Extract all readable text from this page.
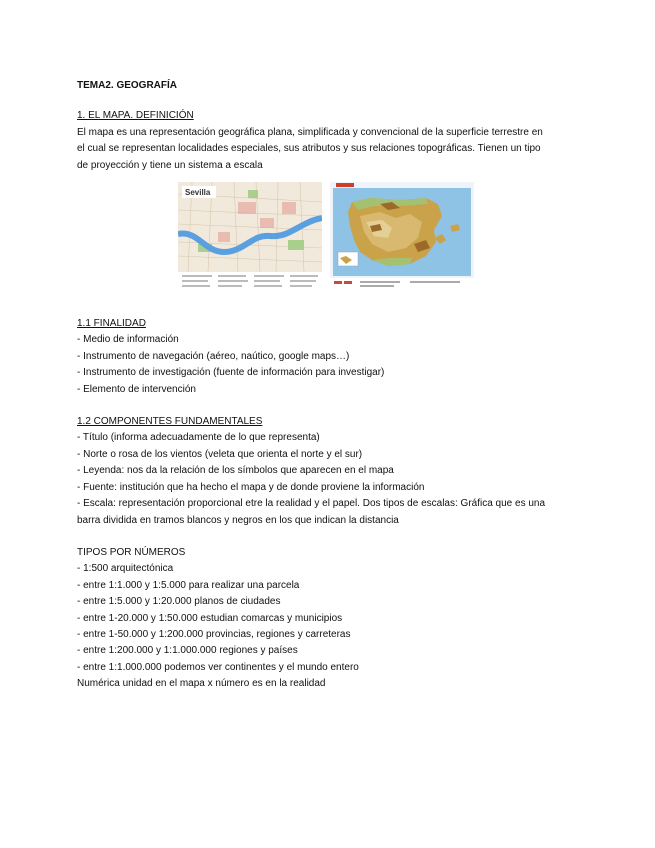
TEMA2. GEOGRAFÍA

1. EL MAPA. DEFINICIÓN

El mapa es una representación geográfica plana, simplificada y convencional de la superficie terrestre en

el cual se representan localidades especiales, sus atributos y sus relaciones topográficas. Tienen un tipo

de proyección y tiene un sistema a escala

Sevilla

1.1 FINALIDAD

- Medio de información
- Instrumento de navegación (aéreo, naútico, google maps…)
- Instrumento de investigación (fuente de información para investigar)
- Elemento de intervención

1.2 COMPONENTES FUNDAMENTALES

- Título (informa adecuadamente de lo que representa)
- Norte o rosa de los vientos (veleta que orienta el norte y el sur)
- Leyenda: nos da la relación de los símbolos que aparecen en el mapa
- Fuente: institución que ha hecho el mapa y de donde proviene la información
- Escala: representación proporcional etre la realidad y el papel. Dos tipos de escalas: Gráfica que es una
barra dividida en tramos blancos y negros en los que indican la distancia

TIPOS POR NÚMEROS

- 1:500 arquitectónica
- entre 1:1.000 y 1:5.000 para realizar una parcela
- entre 1:5.000 y 1:20.000 planos de ciudades
- entre 1-20.000 y 1:50.000 estudian comarcas y municipios
- entre 1-50.000 y 1:200.000 provincias, regiones y carreteras
- entre 1:200.000 y 1:1.000.000 regiones y países
- entre 1:1.000.000 podemos ver continentes y el mundo entero

Numérica unidad en el mapa x número es en la realidad
